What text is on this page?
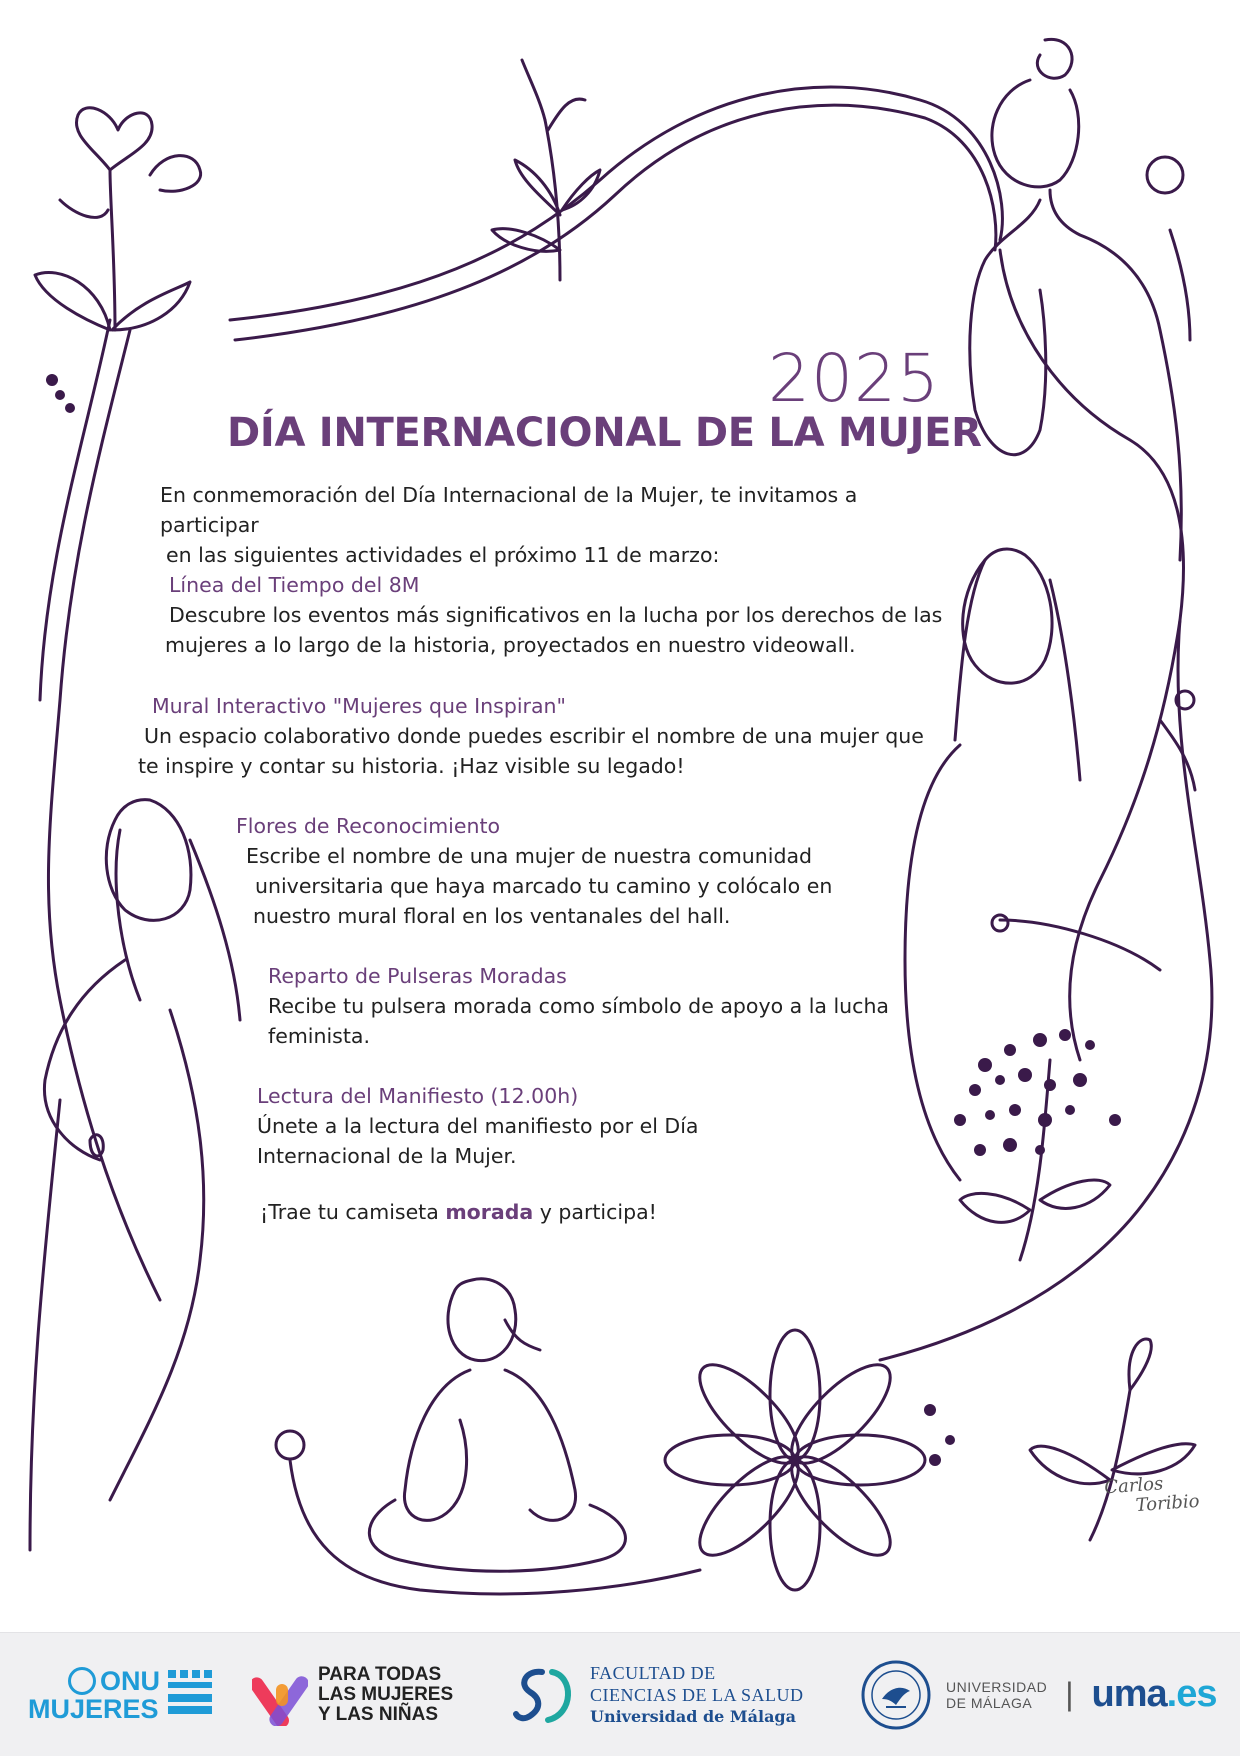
2025
DÍA INTERNACIONAL DE LA MUJER
En conmemoración del Día Internacional de la Mujer, te invitamos a participar
en las siguientes actividades el próximo 11 de marzo:

Línea del Tiempo del 8M

Descubre los eventos más significativos en la lucha por los derechos de las

mujeres a lo largo de la historia, proyectados en nuestro videowall.

Mural Interactivo "Mujeres que Inspiran"

Un espacio colaborativo donde puedes escribir el nombre de una mujer que

te inspire y contar su historia. ¡Haz visible su legado!

Flores de Reconocimiento

Escribe el nombre de una mujer de nuestra comunidad

universitaria que haya marcado tu camino y colócalo en

nuestro mural floral en los ventanales del hall.

Reparto de Pulseras Moradas

Recibe tu pulsera morada como símbolo de apoyo a la lucha

feminista.

Lectura del Manifiesto (12.00h)

Únete a la lectura del manifiesto por el Día

Internacional de la Mujer.

¡Trae tu camiseta morada y participa!
Carlos
Toribio
ONU
MUJERES
PARA TODAS
LAS MUJERES
Y LAS NIÑAS
FACULTAD DE
CIENCIAS DE LA SALUD
Universidad de Málaga
UNIVERSIDAD
DE MÁLAGA	| uma.es
